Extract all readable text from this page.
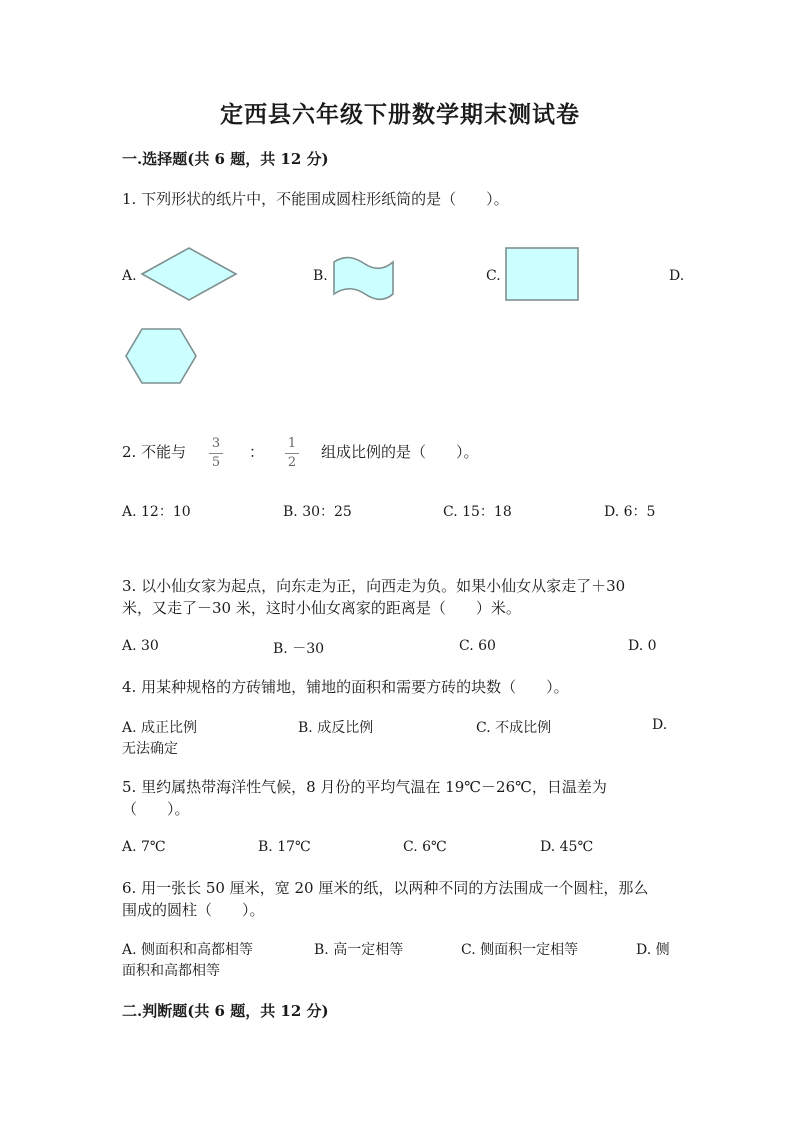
定西县六年级下册数学期末测试卷
一.选择题(共 6 题，共 12 分)
1. 下列形状的纸片中，不能围成圆柱形纸筒的是（　　）。
A.	B.	C.	D.
2. 不能与 3
5
： 1
2
组成比例的是（　　）。
A. 12：10	B. 30：25	C. 15：18	D. 6：5
3. 以小仙女家为起点，向东走为正，向西走为负。如果小仙女从家走了＋30
米，又走了－30 米，这时小仙女离家的距离是（　　）米。
A. 30	B. －30	C. 60	D. 0
4. 用某种规格的方砖铺地，铺地的面积和需要方砖的块数（　　）。
A. 成正比例	B. 成反比例	C. 不成比例	D.
无法确定
5. 里约属热带海洋性气候，8 月份的平均气温在 19℃－26℃，日温差为
（　　）。
A. 7℃	B. 17℃	C. 6℃	D. 45℃
6. 用一张长 50 厘米，宽 20 厘米的纸，以两种不同的方法围成一个圆柱，那么
围成的圆柱（　　）。
A. 侧面积和高都相等	B. 高一定相等	C. 侧面积一定相等	D. 侧
面积和高都相等
二.判断题(共 6 题，共 12 分)
